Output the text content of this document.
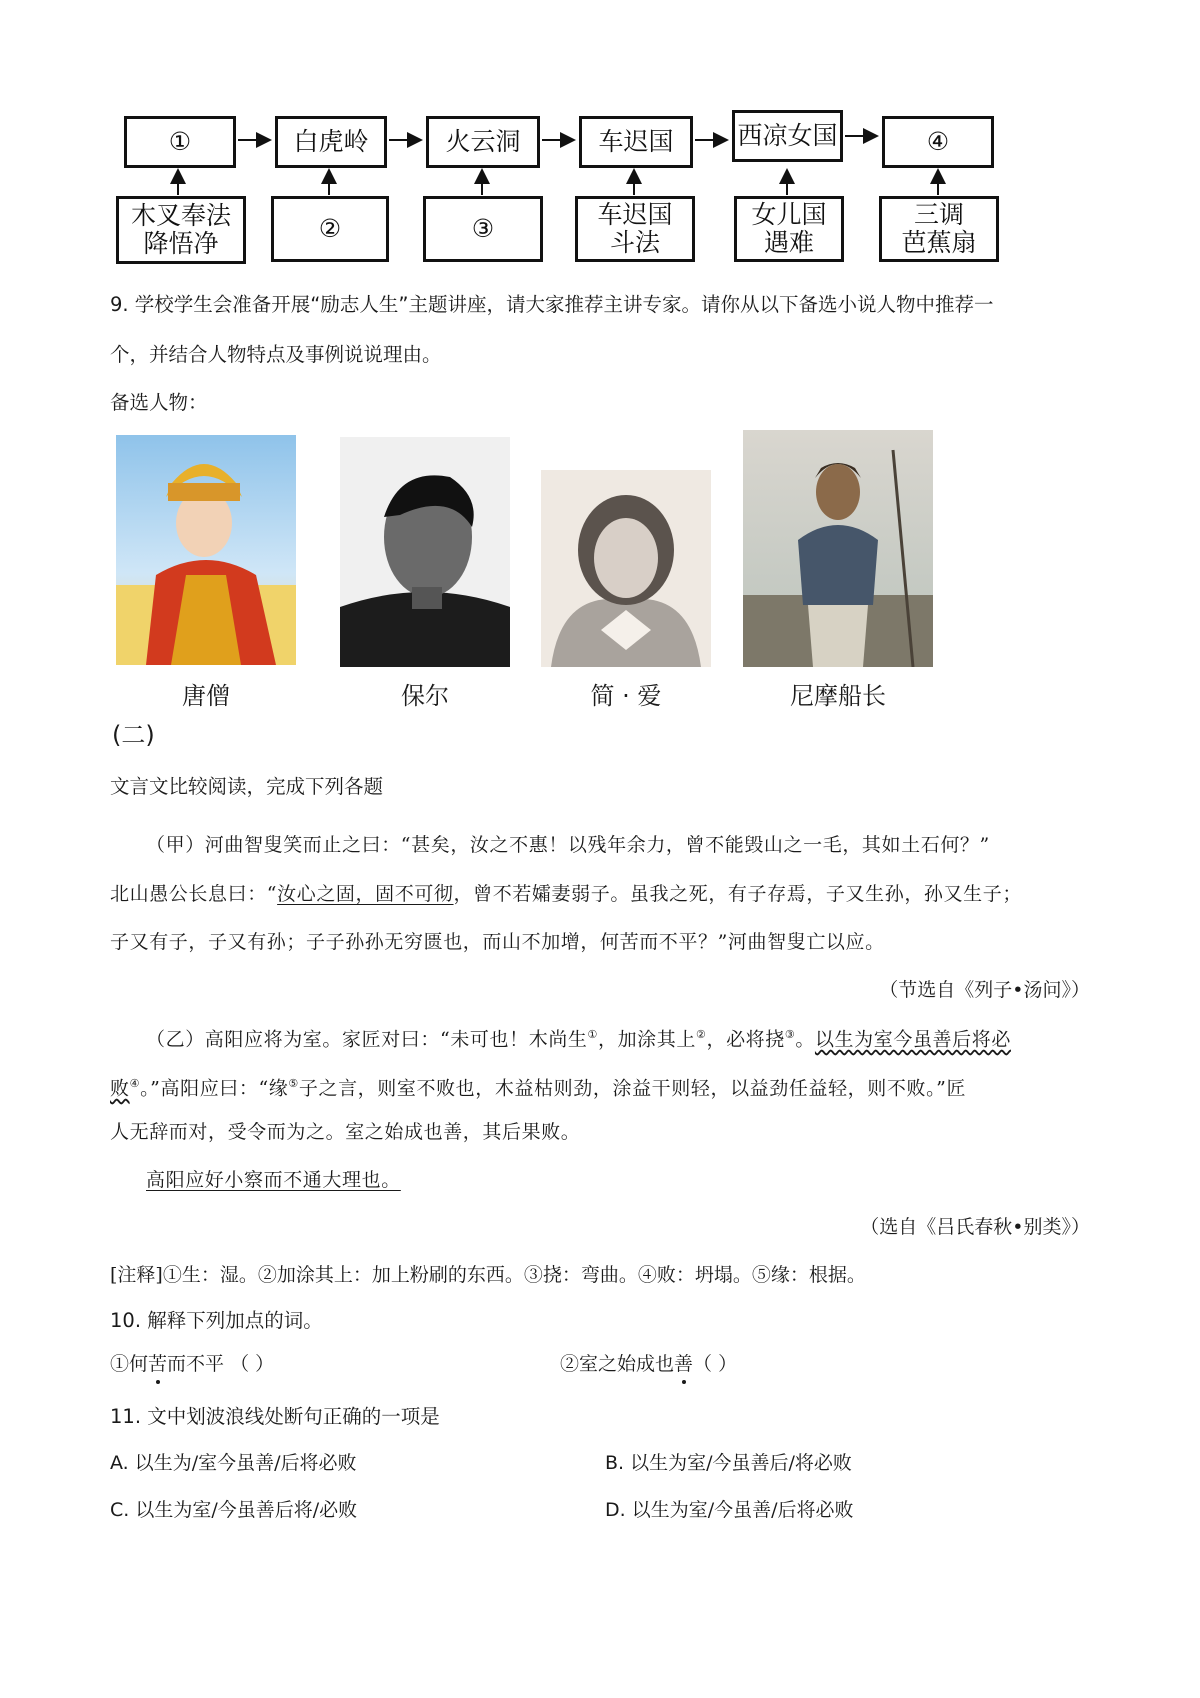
①	白虎岭	火云洞	车迟国	西凉女国	④
木叉奉法
降悟净
②	③	车迟国
斗法
女儿国
遇难
三调
芭蕉扇
9. 学校学生会准备开展“励志人生”主题讲座，请大家推荐主讲专家。请你从以下备选小说人物中推荐一
个，并结合人物特点及事例说说理由。
备选人物：
唐僧	保尔	简 · 爱	尼摩船长
(二)
文言文比较阅读，完成下列各题
（甲）河曲智叟笑而止之曰：“甚矣，汝之不惠！以残年余力，曾不能毁山之一毛，其如土石何？”
北山愚公长息曰：“汝心之固，固不可彻，曾不若孀妻弱子。虽我之死，有子存焉，子又生孙，孙又生子；
子又有子，子又有孙；子子孙孙无穷匮也，而山不加增，何苦而不平？”河曲智叟亡以应。
（节选自《列子•汤问》）
（乙）高阳应将为室。家匠对曰：“未可也！木尚生①，加涂其上②，必将挠③。以生为室今虽善后将必
败④。”高阳应曰：“缘⑤子之言，则室不败也，木益枯则劲，涂益干则轻，以益劲任益轻，则不败。”匠
人无辞而对，受令而为之。室之始成也善，其后果败。
高阳应好小察而不通大理也。
（选自《吕氏春秋•别类》）
[注释]①生：湿。②加涂其上：加上粉刷的东西。③挠：弯曲。④败：坍塌。⑤缘：根据。
10. 解释下列加点的词。
①何苦而不平 （ ）	②室之始成也善（ ）
11. 文中划波浪线处断句正确的一项是
A. 以生为/室今虽善/后将必败	B. 以生为室/今虽善后/将必败
C. 以生为室/今虽善后将/必败	D. 以生为室/今虽善/后将必败
